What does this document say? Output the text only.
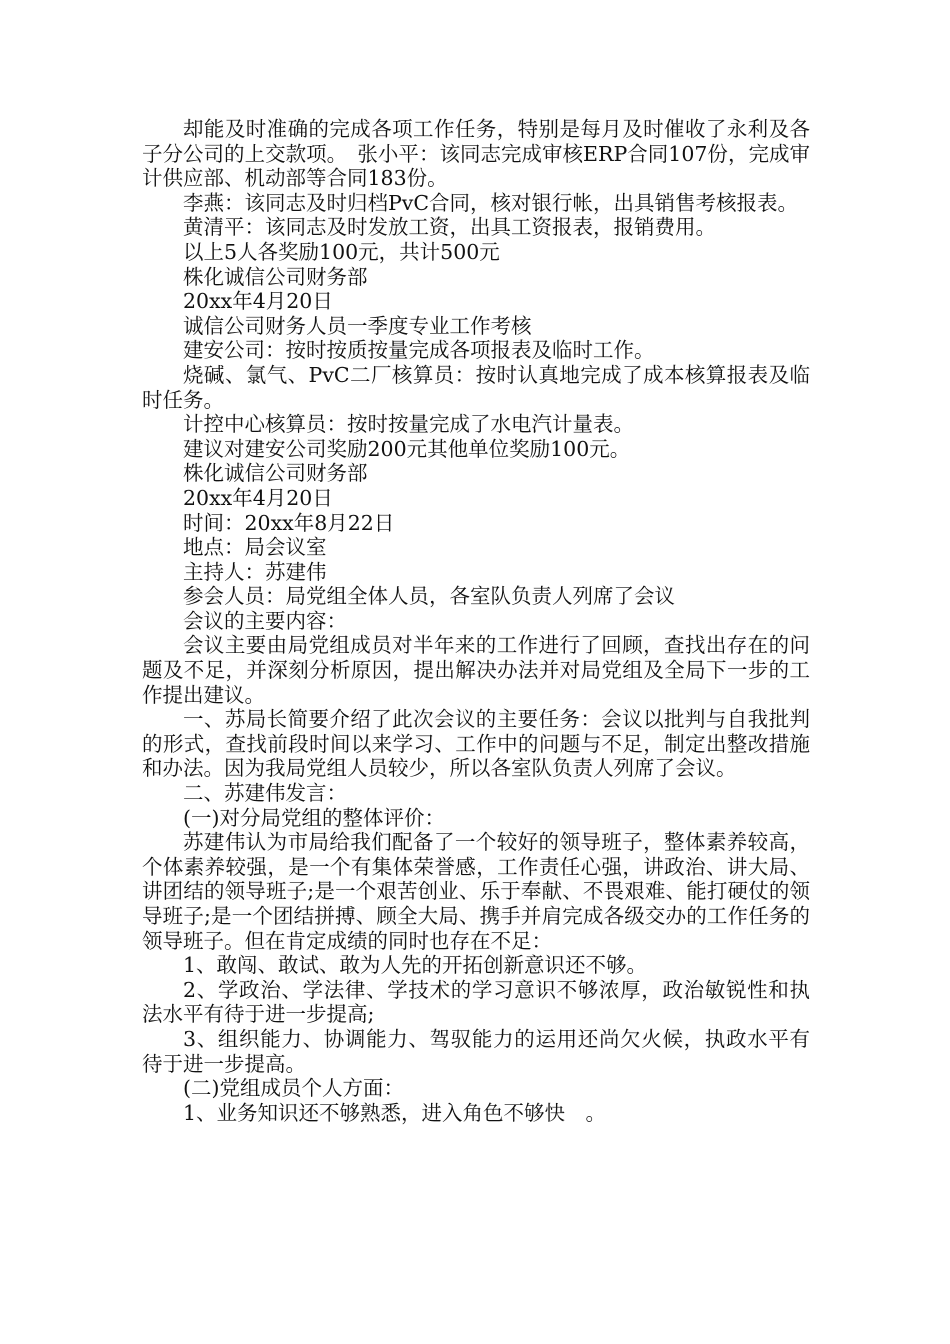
却能及时准确的完成各项工作任务，特别是每月及时催收了永利及各子分公司的上交款项。　张小平：该同志完成审核ERP合同107份，完成审计供应部、机动部等合同183份。

李燕：该同志及时归档PvC合同，核对银行帐，出具销售考核报表。

黄清平：该同志及时发放工资，出具工资报表，报销费用。

以上5人各奖励100元，共计500元

株化诚信公司财务部

20xx年4月20日

诚信公司财务人员一季度专业工作考核

建安公司：按时按质按量完成各项报表及临时工作。

烧碱、氯气、PvC二厂核算员：按时认真地完成了成本核算报表及临时任务。

计控中心核算员：按时按量完成了水电汽计量表。

建议对建安公司奖励200元其他单位奖励100元。

株化诚信公司财务部

20xx年4月20日

时间：20xx年8月22日

地点：局会议室

主持人：苏建伟

参会人员：局党组全体人员，各室队负责人列席了会议

会议的主要内容：

会议主要由局党组成员对半年来的工作进行了回顾，查找出存在的问题及不足，并深刻分析原因，提出解决办法并对局党组及全局下一步的工作提出建议。

一、苏局长简要介绍了此次会议的主要任务：会议以批判与自我批判的形式，查找前段时间以来学习、工作中的问题与不足，制定出整改措施和办法。因为我局党组人员较少，所以各室队负责人列席了会议。

二、苏建伟发言：

(一)对分局党组的整体评价：

苏建伟认为市局给我们配备了一个较好的领导班子，整体素养较高，个体素养较强，是一个有集体荣誉感，工作责任心强，讲政治、讲大局、讲团结的领导班子;是一个艰苦创业、乐于奉献、不畏艰难、能打硬仗的领导班子;是一个团结拼搏、顾全大局、携手并肩完成各级交办的工作任务的领导班子。但在肯定成绩的同时也存在不足：

1、敢闯、敢试、敢为人先的开拓创新意识还不够。

2、学政治、学法律、学技术的学习意识不够浓厚，政治敏锐性和执法水平有待于进一步提高;

3、组织能力、协调能力、驾驭能力的运用还尚欠火候，执政水平有待于进一步提高。

(二)党组成员个人方面：

1、业务知识还不够熟悉，进入角色不够快　。
